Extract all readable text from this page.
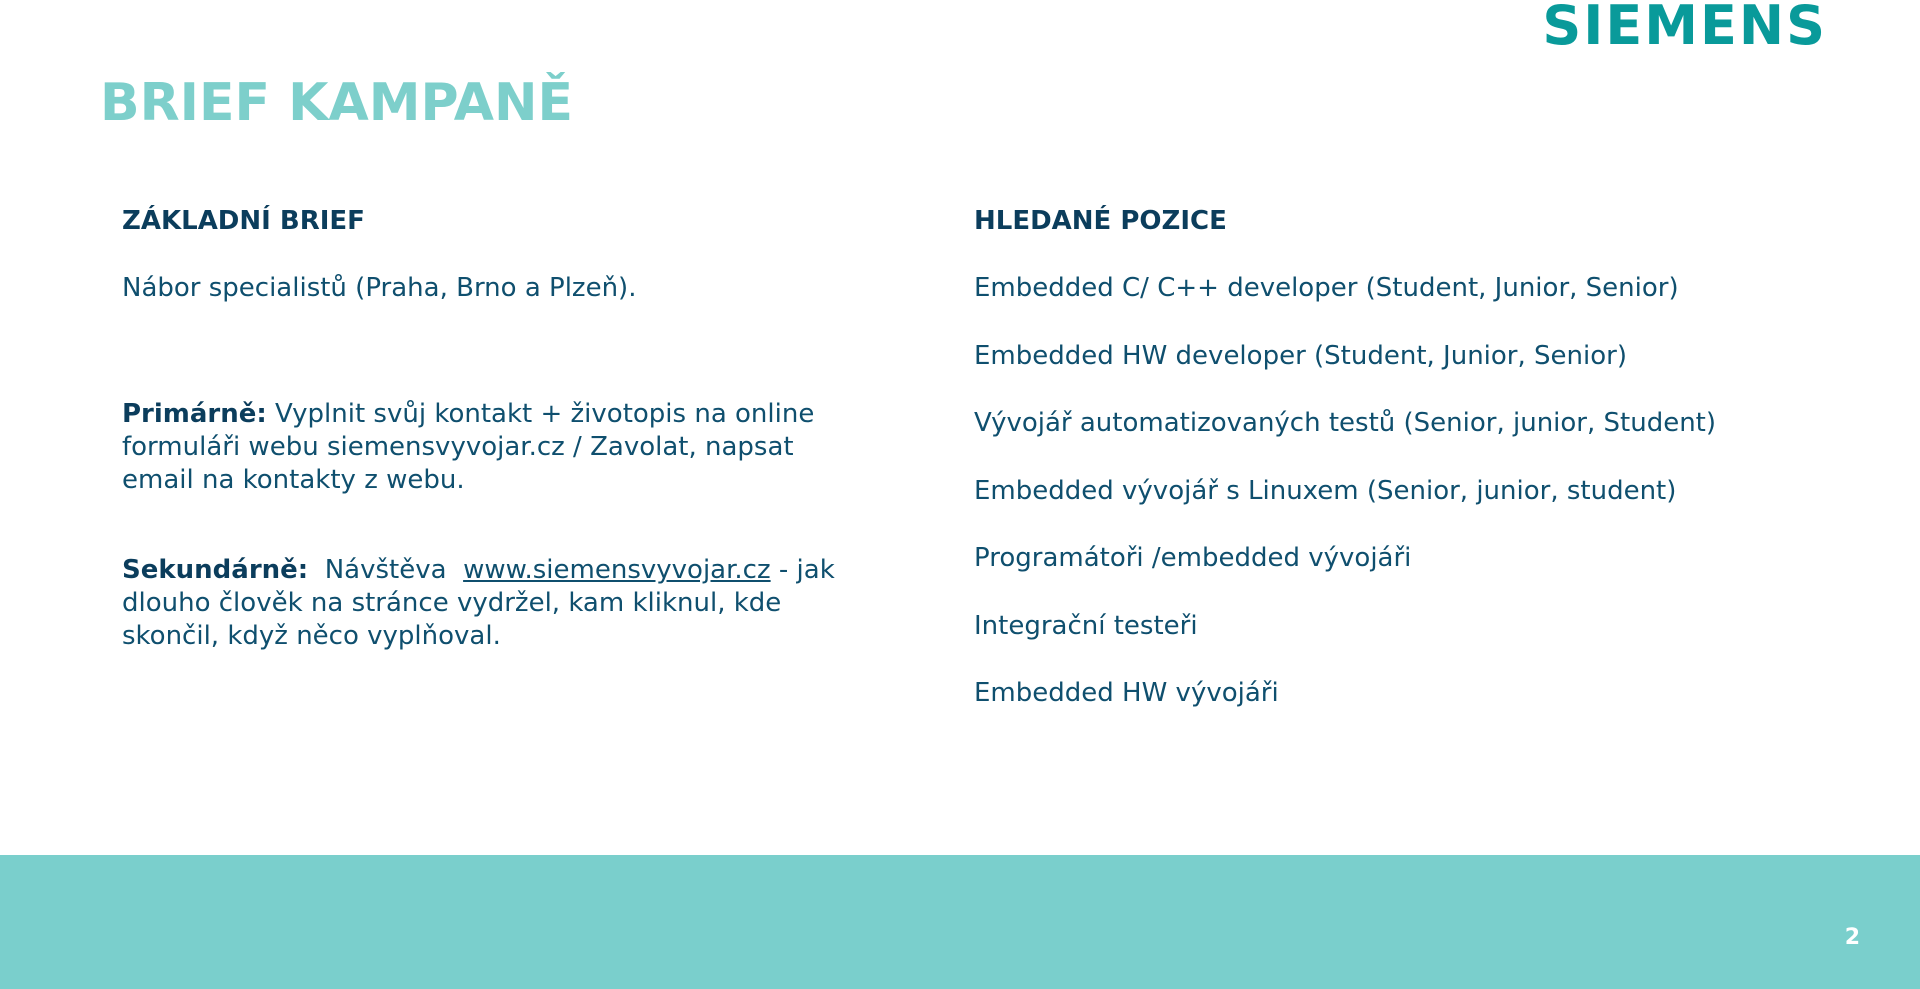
SIEMENS
BRIEF KAMPANĚ

ZÁKLADNÍ BRIEF

Nábor specialistů (Praha, Brno a Plzeň).

Primárně: Vyplnit svůj kontakt + životopis na online formuláři webu siemensvyvojar.cz / Zavolat, napsat email na kontakty z webu.

Sekundárně:  Návštěva  www.siemensvyvojar.cz - jak dlouho člověk na stránce vydržel, kam kliknul, kde skončil, když něco vyplňoval.

HLEDANÉ POZICE

Embedded C/ C++ developer (Student, Junior, Senior)
Embedded HW developer (Student, Junior, Senior)
Vývojář automatizovaných testů (Senior, junior, Student)
Embedded vývojář s Linuxem (Senior, junior, student)
Programátoři /embedded vývojáři
Integrační testeři
Embedded HW vývojáři
2
